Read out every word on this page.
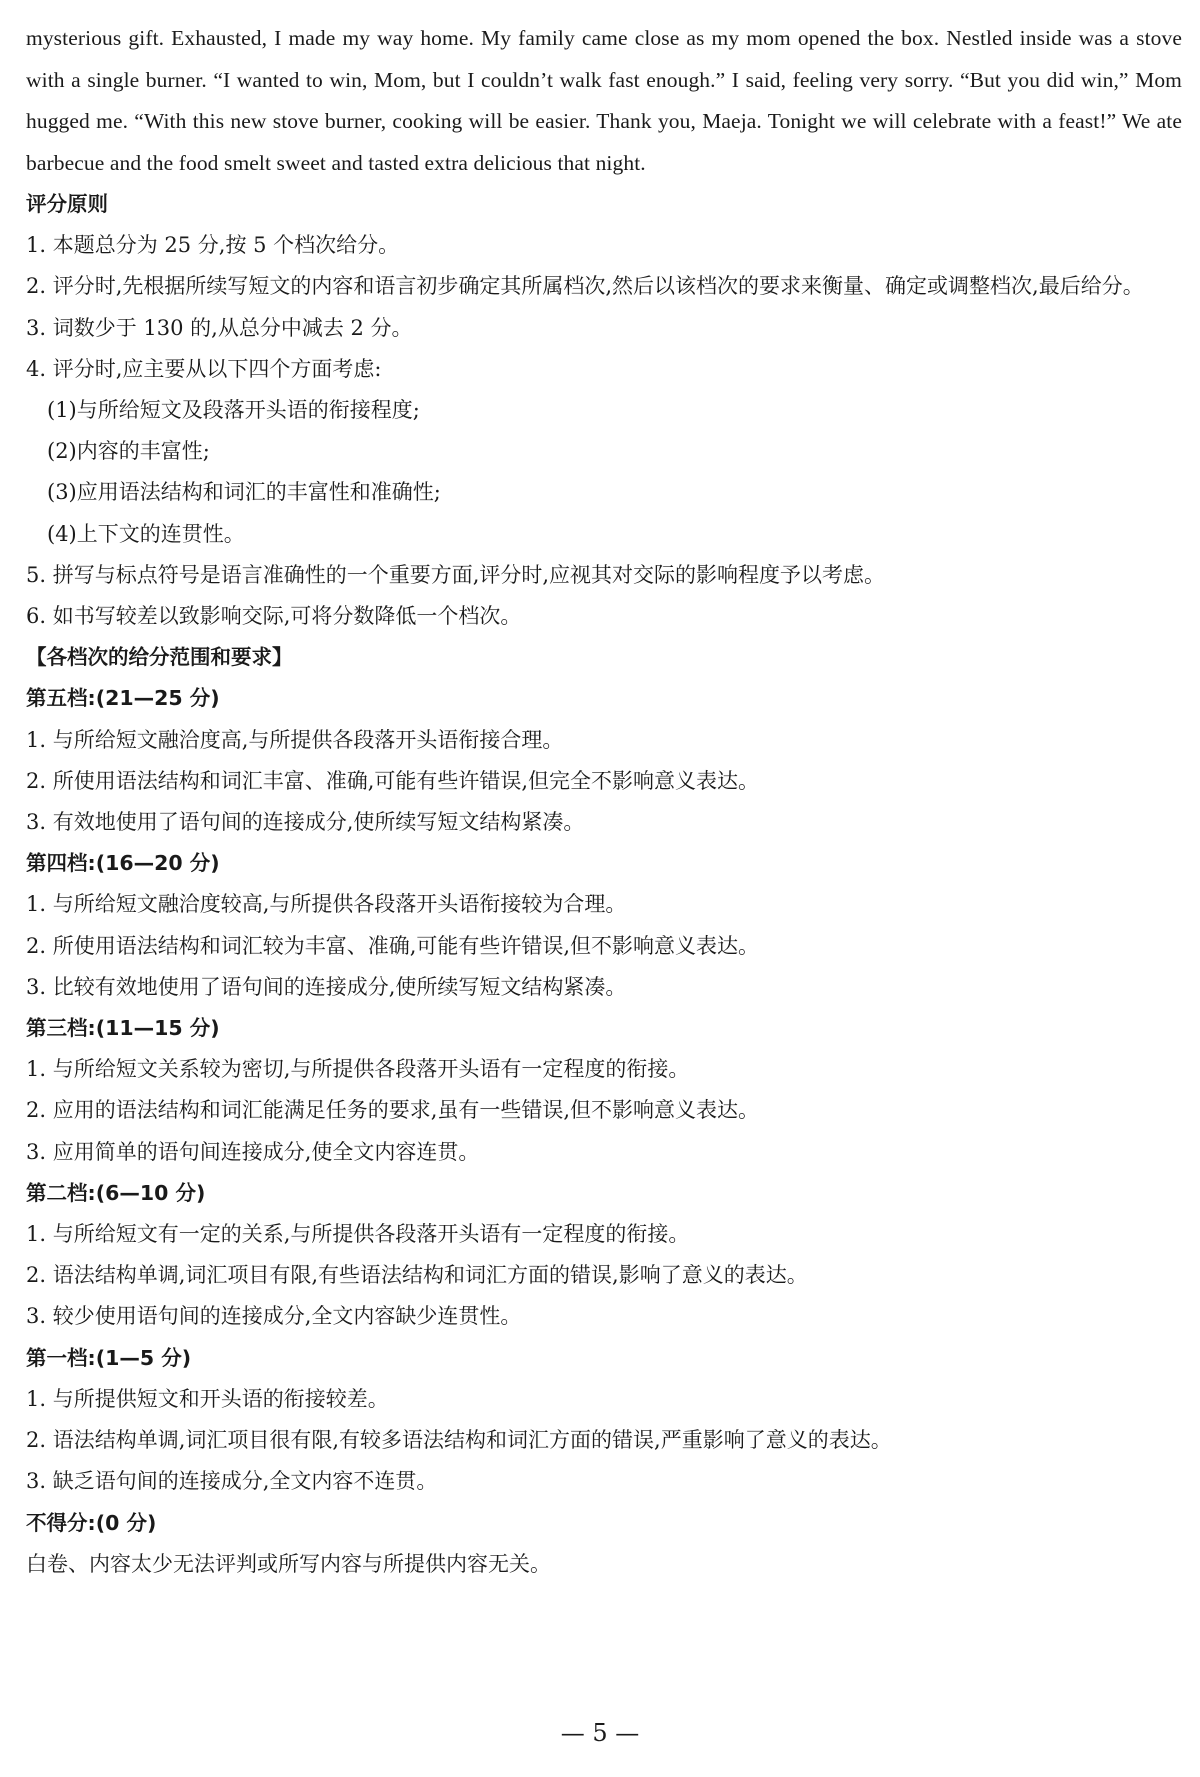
mysterious gift. Exhausted, I made my way home. My family came close as my mom opened the box. Nestled inside was a stove with a single burner. “I wanted to win, Mom, but I couldn’t walk fast enough.” I said, feeling very sorry. “But you did win,” Mom hugged me. “With this new stove burner, cooking will be easier. Thank you, Maeja. Tonight we will celebrate with a feast!” We ate barbecue and the food smelt sweet and tasted extra delicious that night.

评分原则

1. 本题总分为 25 分,按 5 个档次给分。

2. 评分时,先根据所续写短文的内容和语言初步确定其所属档次,然后以该档次的要求来衡量、确定或调整档次,最后给分。

3. 词数少于 130 的,从总分中减去 2 分。

4. 评分时,应主要从以下四个方面考虑:

(1)与所给短文及段落开头语的衔接程度;

(2)内容的丰富性;

(3)应用语法结构和词汇的丰富性和准确性;

(4)上下文的连贯性。

5. 拼写与标点符号是语言准确性的一个重要方面,评分时,应视其对交际的影响程度予以考虑。

6. 如书写较差以致影响交际,可将分数降低一个档次。

【各档次的给分范围和要求】

第五档:(21—25 分)

1. 与所给短文融洽度高,与所提供各段落开头语衔接合理。

2. 所使用语法结构和词汇丰富、准确,可能有些许错误,但完全不影响意义表达。

3. 有效地使用了语句间的连接成分,使所续写短文结构紧凑。

第四档:(16—20 分)

1. 与所给短文融洽度较高,与所提供各段落开头语衔接较为合理。

2. 所使用语法结构和词汇较为丰富、准确,可能有些许错误,但不影响意义表达。

3. 比较有效地使用了语句间的连接成分,使所续写短文结构紧凑。

第三档:(11—15 分)

1. 与所给短文关系较为密切,与所提供各段落开头语有一定程度的衔接。

2. 应用的语法结构和词汇能满足任务的要求,虽有一些错误,但不影响意义表达。

3. 应用简单的语句间连接成分,使全文内容连贯。

第二档:(6—10 分)

1. 与所给短文有一定的关系,与所提供各段落开头语有一定程度的衔接。

2. 语法结构单调,词汇项目有限,有些语法结构和词汇方面的错误,影响了意义的表达。

3. 较少使用语句间的连接成分,全文内容缺少连贯性。

第一档:(1—5 分)

1. 与所提供短文和开头语的衔接较差。

2. 语法结构单调,词汇项目很有限,有较多语法结构和词汇方面的错误,严重影响了意义的表达。

3. 缺乏语句间的连接成分,全文内容不连贯。

不得分:(0 分)

白卷、内容太少无法评判或所写内容与所提供内容无关。

— 5 —
